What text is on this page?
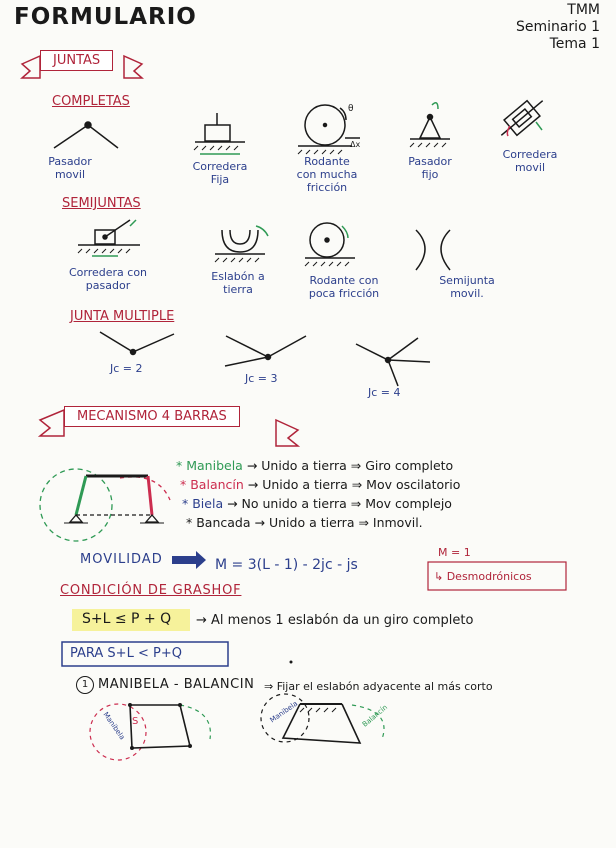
FORMULARIO	TMM
Seminario 1
Tema 1
JUNTAS
COMPLETAS
Pasador
movil
Corredera
Fija
Rodante
con mucha
fricción
Pasador
fijo
Corredera
movil
θ
Δx
SEMIJUNTAS
Corredera con
pasador
Eslabón a
tierra
Rodante con
poca fricción
Semijunta
movil.
JUNTA MULTIPLE
Jc = 2
Jc = 3
Jc = 4
MECANISMO 4 BARRAS
* Manibela → Unido a tierra ⇒ Giro completo
* Balancín → Unido a tierra ⇒ Mov oscilatorio
* Biela → No unido a tierra ⇒ Mov complejo
* Bancada → Unido a tierra ⇒ Inmovil.
MOVILIDAD	M = 3(L - 1) - 2jc - js
M = 1
↳ Desmodrónicos
CONDICIÓN DE GRASHOF
S+L ≤ P + Q → Al menos 1 eslabón da un giro completo
PARA S+L < P+Q
1 MANIBELA - BALANCIN ⇒ Fijar el eslabón adyacente al más corto
Manibela S	Manibela	Balancín
